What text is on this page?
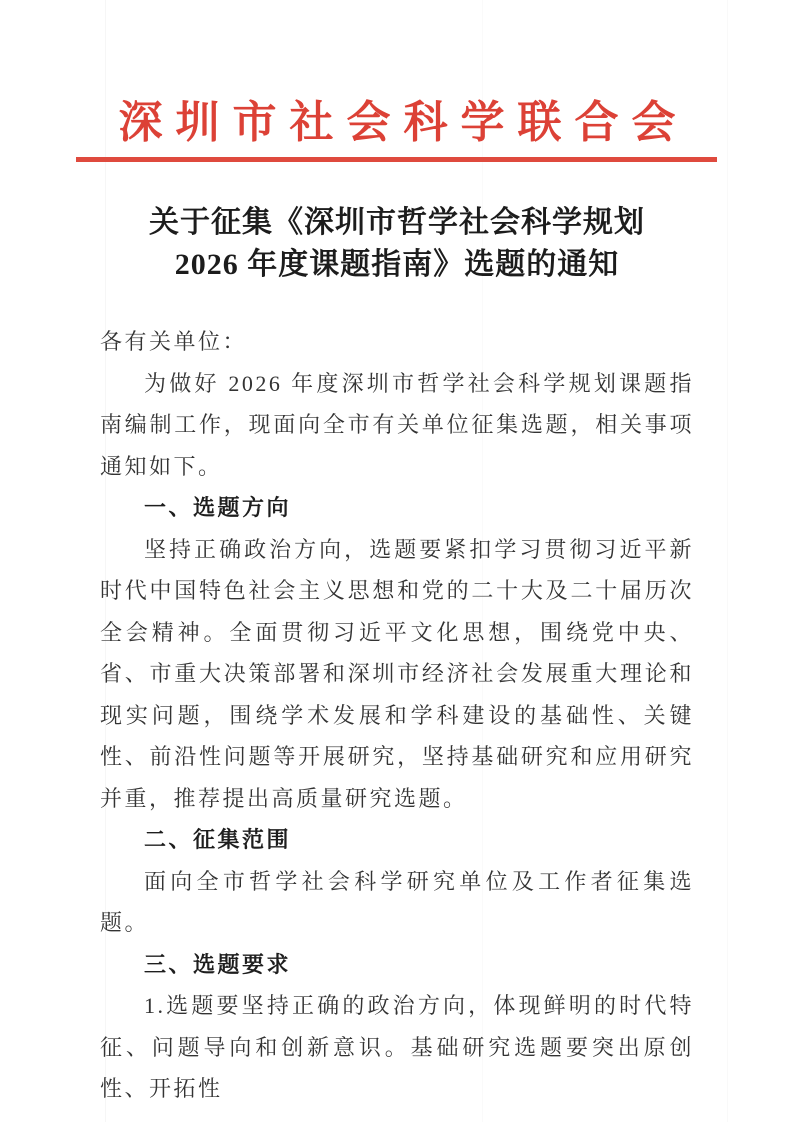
深圳市社会科学联合会
关于征集《深圳市哲学社会科学规划
2026 年度课题指南》选题的通知

各有关单位：

为做好 2026 年度深圳市哲学社会科学规划课题指南编制工作，现面向全市有关单位征集选题，相关事项通知如下。

一、选题方向

坚持正确政治方向，选题要紧扣学习贯彻习近平新时代中国特色社会主义思想和党的二十大及二十届历次全会精神。全面贯彻习近平文化思想，围绕党中央、省、市重大决策部署和深圳市经济社会发展重大理论和现实问题，围绕学术发展和学科建设的基础性、关键性、前沿性问题等开展研究，坚持基础研究和应用研究并重，推荐提出高质量研究选题。

二、征集范围

面向全市哲学社会科学研究单位及工作者征集选题。

三、选题要求

1.选题要坚持正确的政治方向，体现鲜明的时代特征、问题导向和创新意识。基础研究选题要突出原创性、开拓性
